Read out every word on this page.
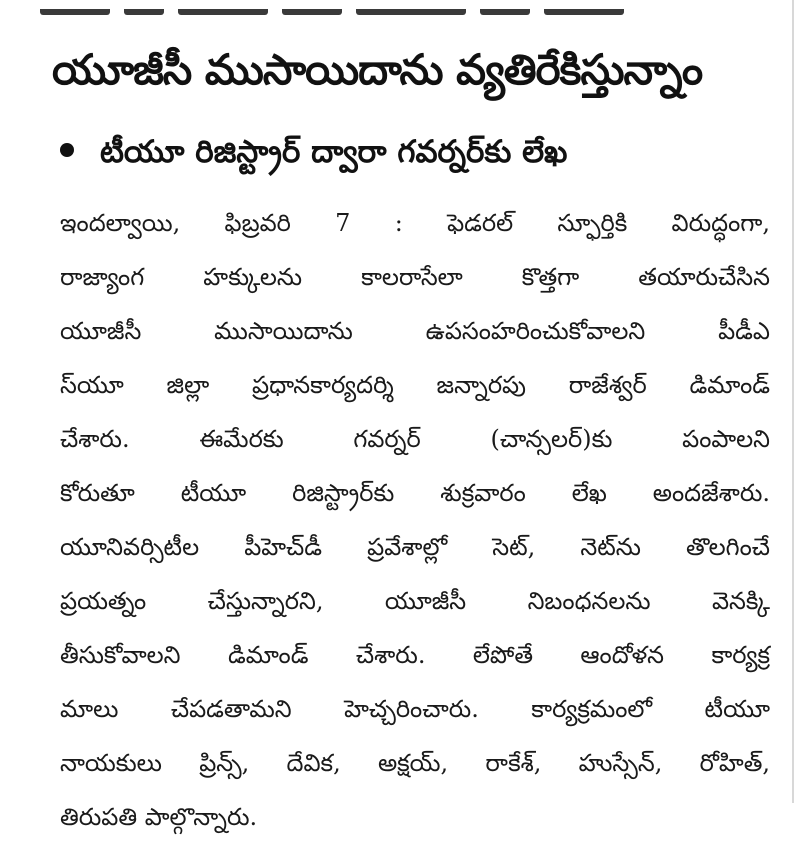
యూజీసీ ముసాయిదాను వ్యతిరేకిస్తున్నాం
టీయూ రిజిస్ట్రార్ ద్వారా గవర్నర్‌కు లేఖ
ఇందల్వాయి, ఫిబ్రవరి 7 : ఫెడరల్ స్ఫూర్తికి విరుద్ధంగా,
రాజ్యాంగ హక్కులను కాలరాసేలా కొత్తగా తయారుచేసిన
యూజీసీ ముసాయిదాను ఉపసంహరించుకోవాలని పీడీఎ
స్‌యూ జిల్లా ప్రధానకార్యదర్శి జన్నారపు రాజేశ్వర్ డిమాండ్
చేశారు. ఈమేరకు గవర్నర్ (చాన్సలర్)కు పంపాలని
కోరుతూ టీయూ రిజిస్ట్రార్‌కు శుక్రవారం లేఖ అందజేశారు.
యూనివర్సిటీల పీహెచ్‌డీ ప్రవేశాల్లో సెట్, నెట్‌ను తొలగించే
ప్రయత్నం చేస్తున్నారని, యూజీసీ నిబంధనలను వెనక్కి
తీసుకోవాలని డిమాండ్ చేశారు. లేపోతే ఆందోళన కార్యక్ర
మాలు చేపడతామని హెచ్చరించారు. కార్యక్రమంలో టీయూ
నాయకులు ప్రిన్స్, దేవిక, అక్షయ్, రాకేశ్, హుస్సేన్, రోహిత్,
తిరుపతి పాల్గొన్నారు.
